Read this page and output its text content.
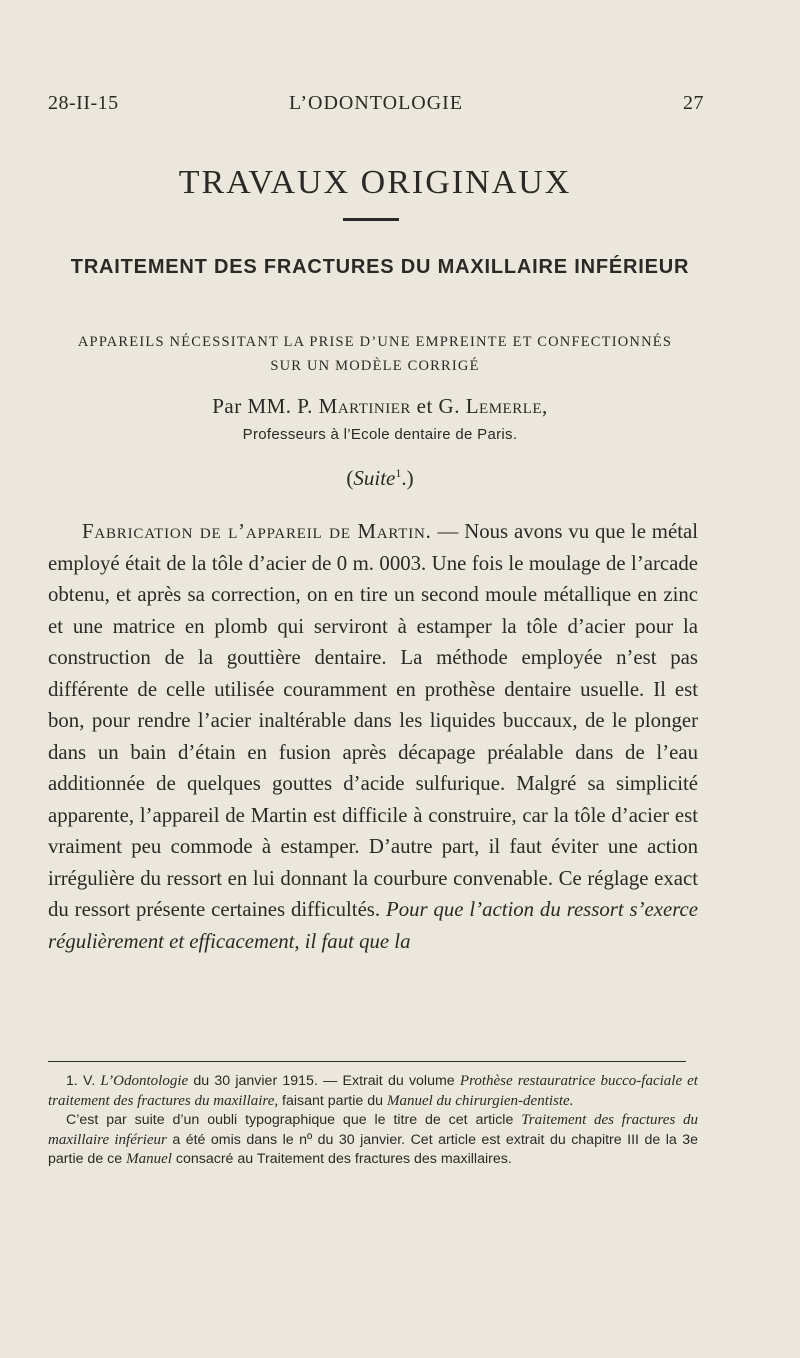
28-II-15	L’ODONTOLOGIE	27
TRAVAUX ORIGINAUX
TRAITEMENT DES FRACTURES DU MAXILLAIRE INFÉRIEUR
APPAREILS NÉCESSITANT LA PRISE D’UNE EMPREINTE ET CONFECTIONNÉS
SUR UN MODÈLE CORRIGÉ
Par MM. P. Martinier et G. Lemerle,
Professeurs à l’Ecole dentaire de Paris.
(Suite$^1$.)

Fabrication de l’appareil de Martin. — Nous avons vu que le métal employé était de la tôle d’acier de 0 m. 0003. Une fois le moulage de l’arcade obtenu, et après sa correction, on en tire un second moule métallique en zinc et une matrice en plomb qui serviront à estamper la tôle d’acier pour la construction de la gouttière dentaire. La méthode employée n’est pas différente de celle utilisée couramment en prothèse dentaire usuelle. Il est bon, pour rendre l’acier inaltérable dans les liquides buccaux, de le plonger dans un bain d’étain en fusion après décapage préalable dans de l’eau additionnée de quelques gouttes d’acide sulfurique. Malgré sa simplicité apparente, l’appareil de Martin est difficile à construire, car la tôle d’acier est vraiment peu commode à estamper. D’autre part, il faut éviter une action irrégulière du ressort en lui donnant la courbure convenable. Ce réglage exact du ressort présente certaines difficultés. Pour que l’action du ressort s’exerce régulièrement et efficacement, il faut que la

1. V. L’Odontologie du 30 janvier 1915. — Extrait du volume Prothèse restauratrice bucco-faciale et traitement des fractures du maxillaire, faisant partie du Manuel du chirurgien-dentiste.

C’est par suite d’un oubli typographique que le titre de cet article Traitement des fractures du maxillaire inférieur a été omis dans le nº du 30 janvier. Cet article est extrait du chapitre III de la 3e partie de ce Manuel consacré au Traitement des fractures des maxillaires.
